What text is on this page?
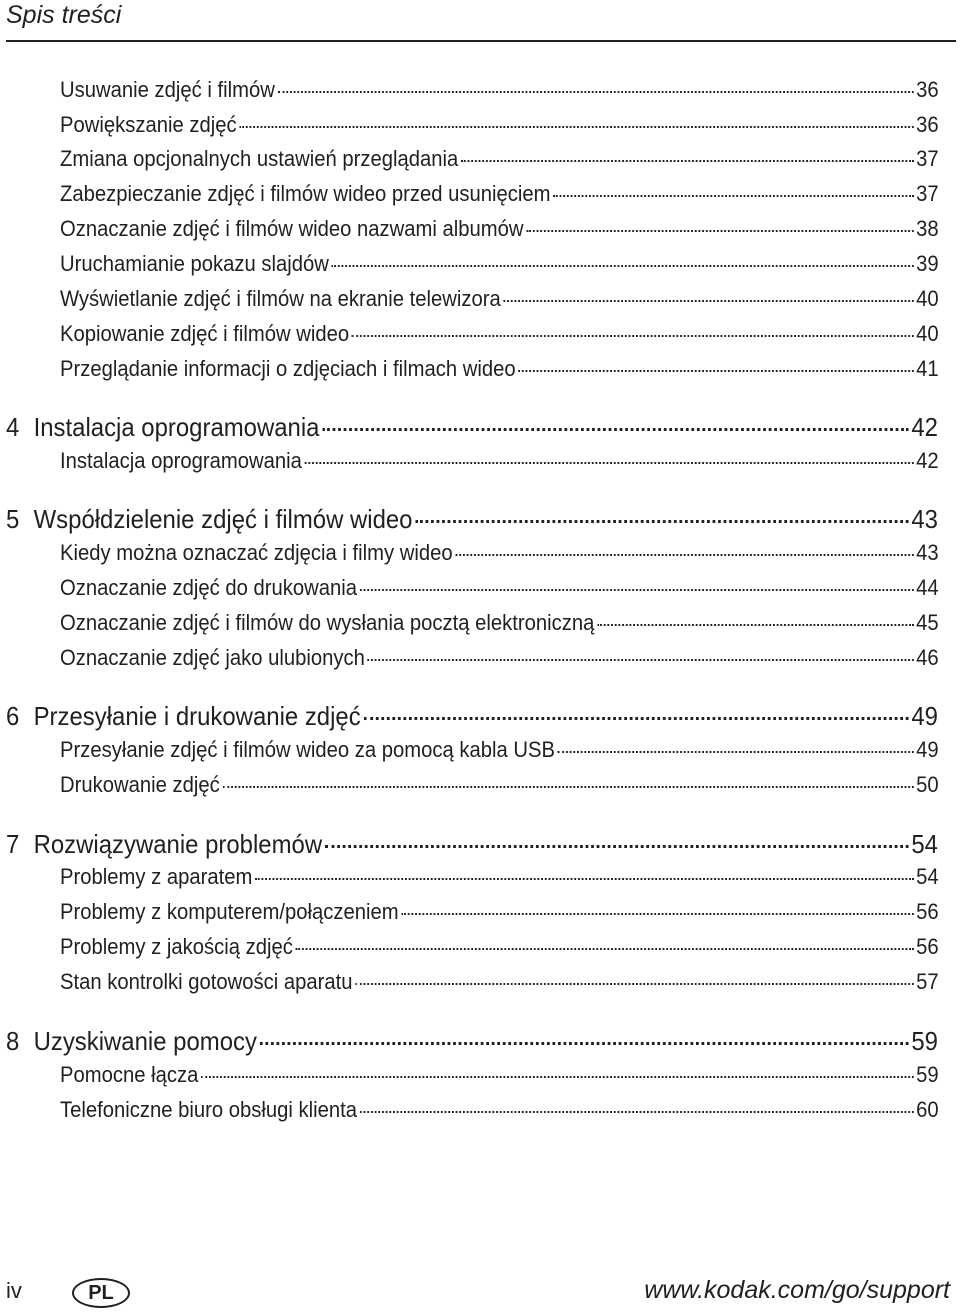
Spis treści
Usuwanie zdjęć i filmów	36
Powiększanie zdjęć	36
Zmiana opcjonalnych ustawień przeglądania	37
Zabezpieczanie zdjęć i filmów wideo przed usunięciem	37
Oznaczanie zdjęć i filmów wideo nazwami albumów	38
Uruchamianie pokazu slajdów	39
Wyświetlanie zdjęć i filmów na ekranie telewizora	40
Kopiowanie zdjęć i filmów wideo	40
Przeglądanie informacji o zdjęciach i filmach wideo	41
4 Instalacja oprogramowania	42
Instalacja oprogramowania	42
5 Współdzielenie zdjęć i filmów wideo	43
Kiedy można oznaczać zdjęcia i filmy wideo	43
Oznaczanie zdjęć do drukowania	44
Oznaczanie zdjęć i filmów do wysłania pocztą elektroniczną	45
Oznaczanie zdjęć jako ulubionych	46
6 Przesyłanie i drukowanie zdjęć	49
Przesyłanie zdjęć i filmów wideo za pomocą kabla USB	49
Drukowanie zdjęć	50
7 Rozwiązywanie problemów	54
Problemy z aparatem	54
Problemy z komputerem/połączeniem	56
Problemy z jakością zdjęć	56
Stan kontrolki gotowości aparatu	57
8 Uzyskiwanie pomocy	59
Pomocne łącza	59
Telefoniczne biuro obsługi klienta	60
iv	PL	www.kodak.com/go/support
